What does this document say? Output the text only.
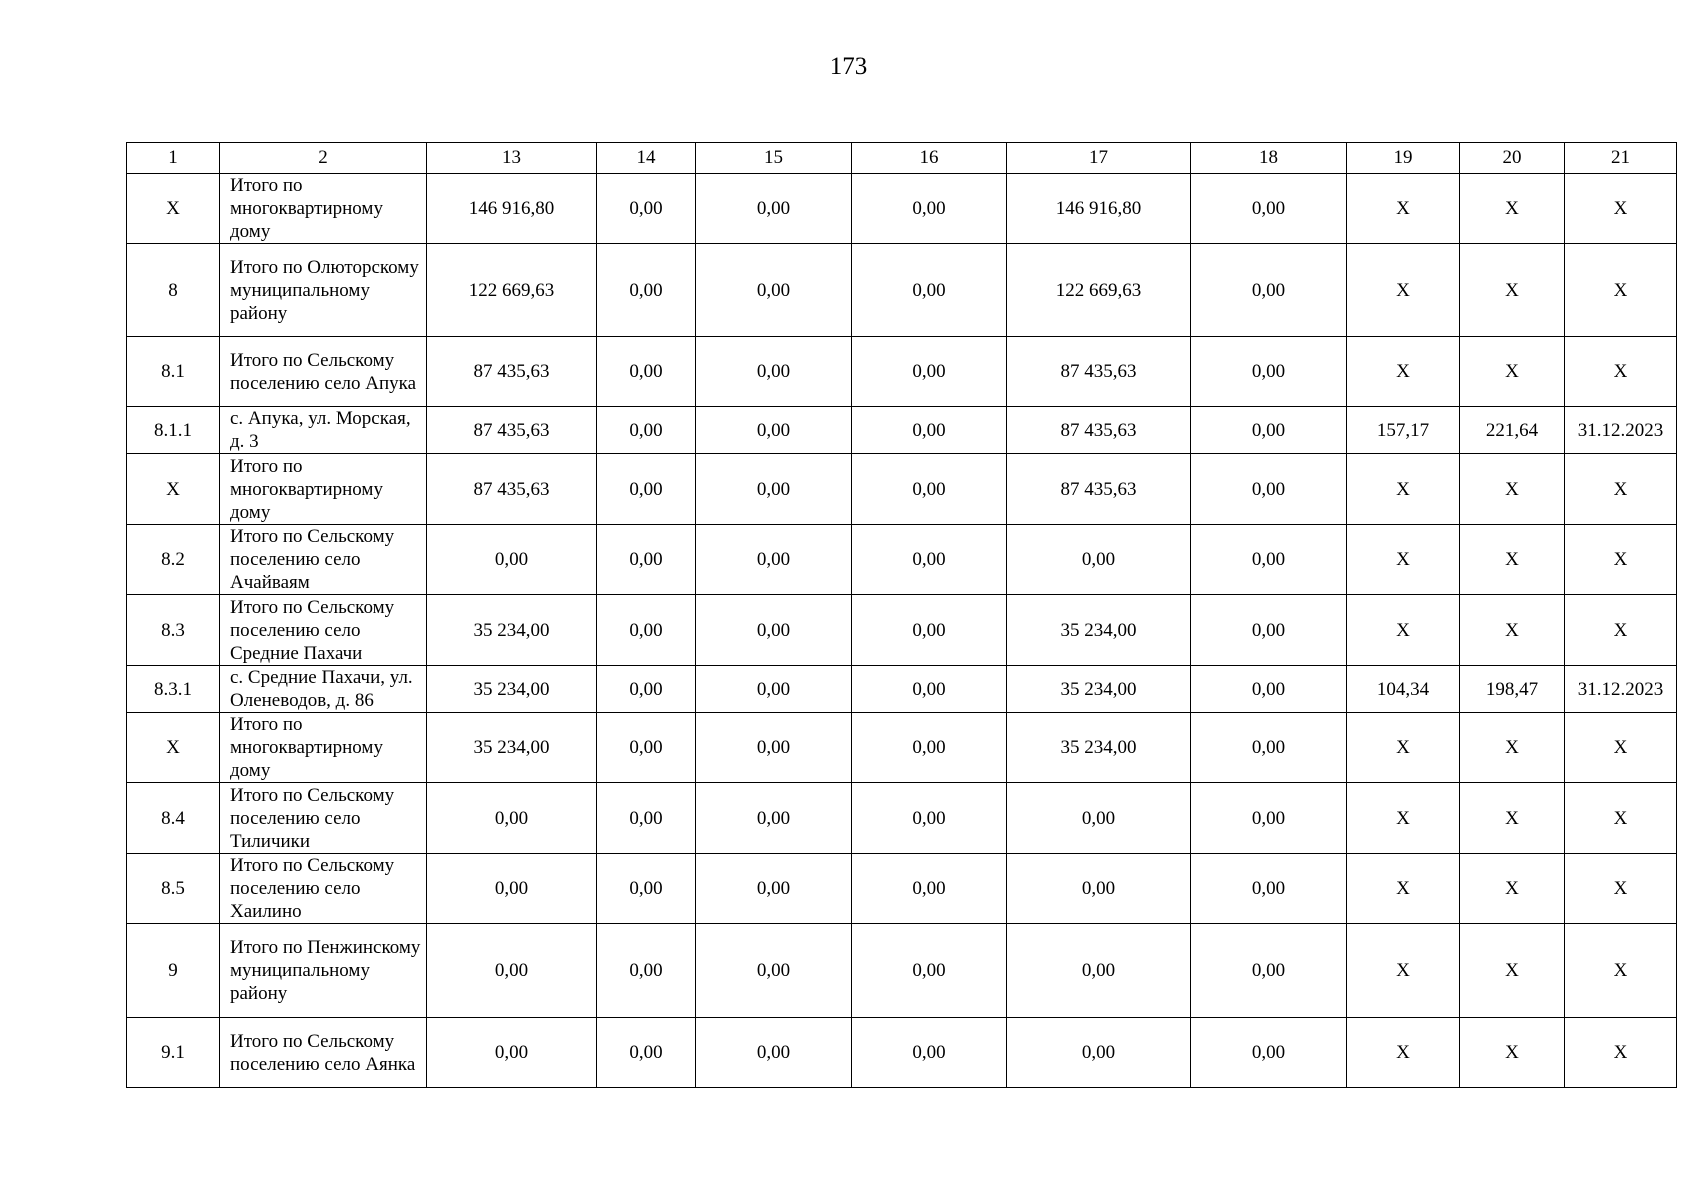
173
1	2	13	14	15	16	17	18	19	20	21
X	Итого по многоквартирному дому	146 916,80	0,00	0,00	0,00	146 916,80	0,00	X	X	X
8	Итого по Олюторскому муниципальному району	122 669,63	0,00	0,00	0,00	122 669,63	0,00	X	X	X
8.1	Итого по Сельскому поселению село Апука	87 435,63	0,00	0,00	0,00	87 435,63	0,00	X	X	X
8.1.1	с. Апука, ул. Морская, д. 3	87 435,63	0,00	0,00	0,00	87 435,63	0,00	157,17	221,64	31.12.2023
X	Итого по многоквартирному дому	87 435,63	0,00	0,00	0,00	87 435,63	0,00	X	X	X
8.2	Итого по Сельскому поселению село Ачайваям	0,00	0,00	0,00	0,00	0,00	0,00	X	X	X
8.3	Итого по Сельскому поселению село Средние Пахачи	35 234,00	0,00	0,00	0,00	35 234,00	0,00	X	X	X
8.3.1	с. Средние Пахачи, ул. Оленеводов, д. 86	35 234,00	0,00	0,00	0,00	35 234,00	0,00	104,34	198,47	31.12.2023
X	Итого по многоквартирному дому	35 234,00	0,00	0,00	0,00	35 234,00	0,00	X	X	X
8.4	Итого по Сельскому поселению село Тиличики	0,00	0,00	0,00	0,00	0,00	0,00	X	X	X
8.5	Итого по Сельскому поселению село Хаилино	0,00	0,00	0,00	0,00	0,00	0,00	X	X	X
9	Итого по Пенжинскому муниципальному району	0,00	0,00	0,00	0,00	0,00	0,00	X	X	X
9.1	Итого по Сельскому поселению село Аянка	0,00	0,00	0,00	0,00	0,00	0,00	X	X	X
